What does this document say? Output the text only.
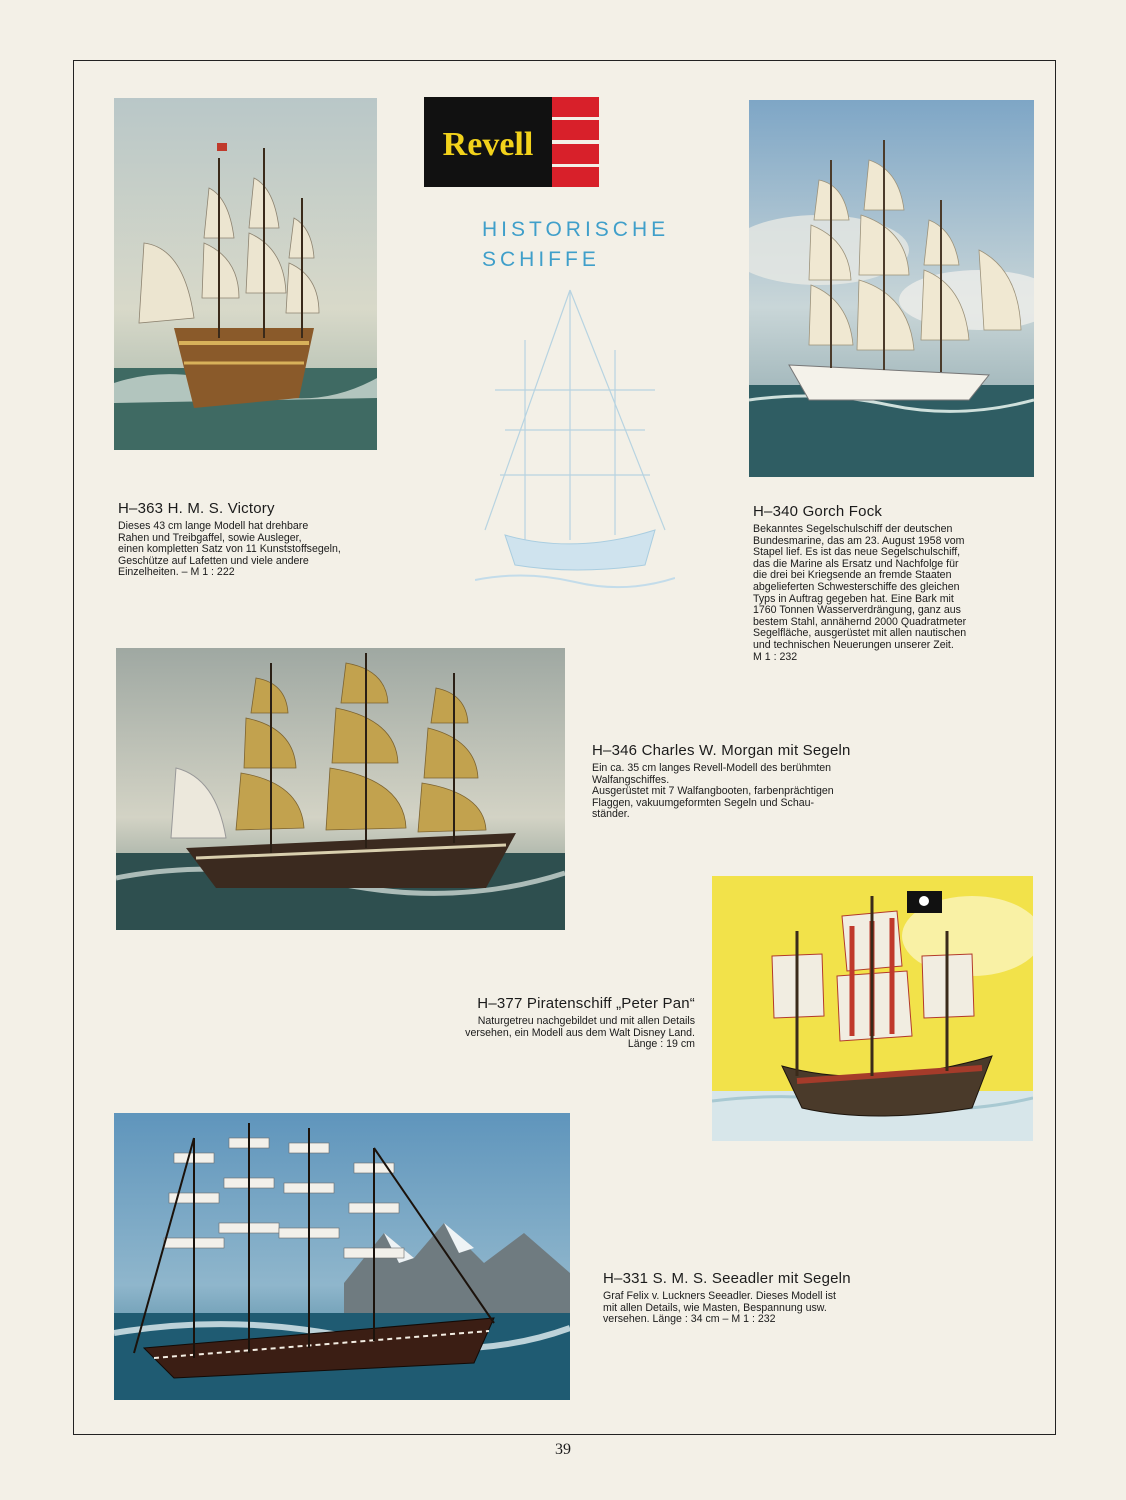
Revell
HISTORISCHE
SCHIFFE
H–363 H. M. S. Victory
Dieses 43 cm lange Modell hat drehbare
Rahen und Treibgaffel, sowie Ausleger,
einen kompletten Satz von 11 Kunststoffsegeln,
Geschütze auf Lafetten und viele andere
Einzelheiten. – M 1 : 222
H–340 Gorch Fock
Bekanntes Segelschulschiff der deutschen
Bundesmarine, das am 23. August 1958 vom
Stapel lief. Es ist das neue Segelschulschiff,
das die Marine als Ersatz und Nachfolge für
die drei bei Kriegsende an fremde Staaten
abgelieferten Schwesterschiffe des gleichen
Typs in Auftrag gegeben hat. Eine Bark mit
1760 Tonnen Wasserverdrängung, ganz aus
bestem Stahl, annähernd 2000 Quadratmeter
Segelfläche, ausgerüstet mit allen nautischen
und technischen Neuerungen unserer Zeit.
M 1 : 232
H–346 Charles W. Morgan mit Segeln
Ein ca. 35 cm langes Revell-Modell des berühmten
Walfangschiffes.
Ausgerüstet mit 7 Walfangbooten, farbenprächtigen
Flaggen, vakuumgeformten Segeln und Schau-
ständer.
H–377 Piratenschiff „Peter Pan“
Naturgetreu nachgebildet und mit allen Details
versehen, ein Modell aus dem Walt Disney Land.
Länge : 19 cm
H–331 S. M. S. Seeadler mit Segeln
Graf Felix v. Luckners Seeadler. Dieses Modell ist
mit allen Details, wie Masten, Bespannung usw.
versehen. Länge : 34 cm – M 1 : 232
39
